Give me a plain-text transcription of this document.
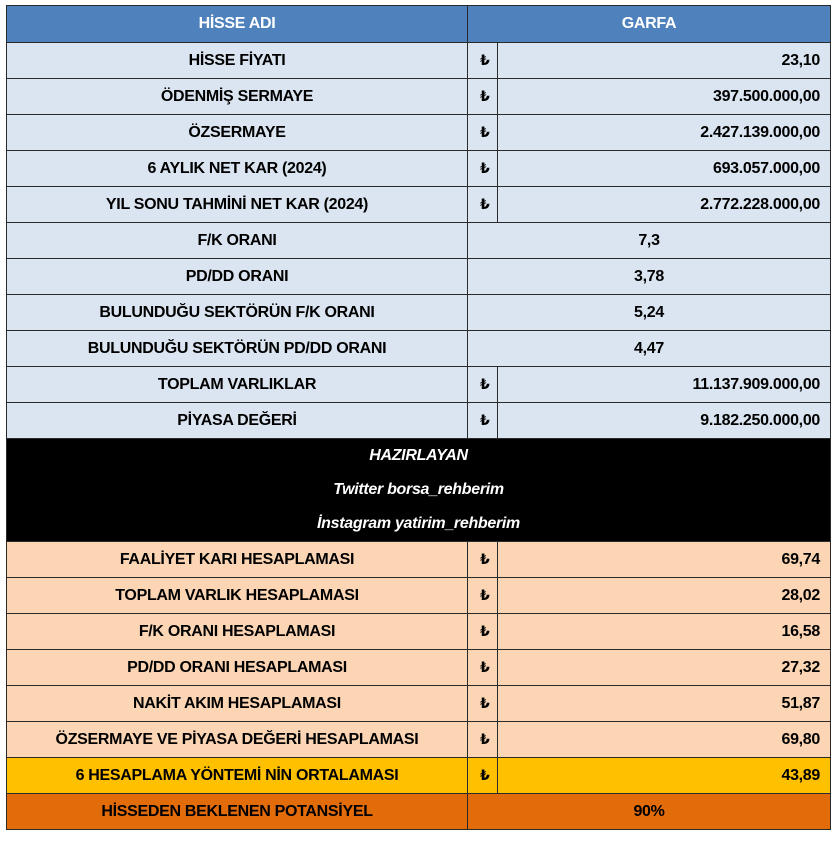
HİSSE ADI	GARFA	
HİSSE FİYATI	₺	23,10
ÖDENMİŞ SERMAYE	₺	397.500.000,00
ÖZSERMAYE	₺	2.427.139.000,00
6 AYLIK NET KAR (2024)	₺	693.057.000,00
YIL SONU TAHMİNİ NET KAR (2024)	₺	2.772.228.000,00
F/K ORANI	7,3	
PD/DD ORANI	3,78	
BULUNDUĞU SEKTÖRÜN F/K ORANI	5,24	
BULUNDUĞU SEKTÖRÜN PD/DD ORANI	4,47	
TOPLAM VARLIKLAR	₺	11.137.909.000,00
PİYASA DEĞERİ	₺	9.182.250.000,00
HAZIRLAYAN		
Twitter borsa_rehberim		
İnstagram yatirim_rehberim		
FAALİYET KARI HESAPLAMASI	₺	69,74
TOPLAM VARLIK HESAPLAMASI	₺	28,02
F/K ORANI HESAPLAMASI	₺	16,58
PD/DD ORANI HESAPLAMASI	₺	27,32
NAKİT AKIM HESAPLAMASI	₺	51,87
ÖZSERMAYE VE PİYASA DEĞERİ HESAPLAMASI	₺	69,80
6 HESAPLAMA YÖNTEMİ NİN ORTALAMASI	₺	43,89
HİSSEDEN BEKLENEN POTANSİYEL	90%	
